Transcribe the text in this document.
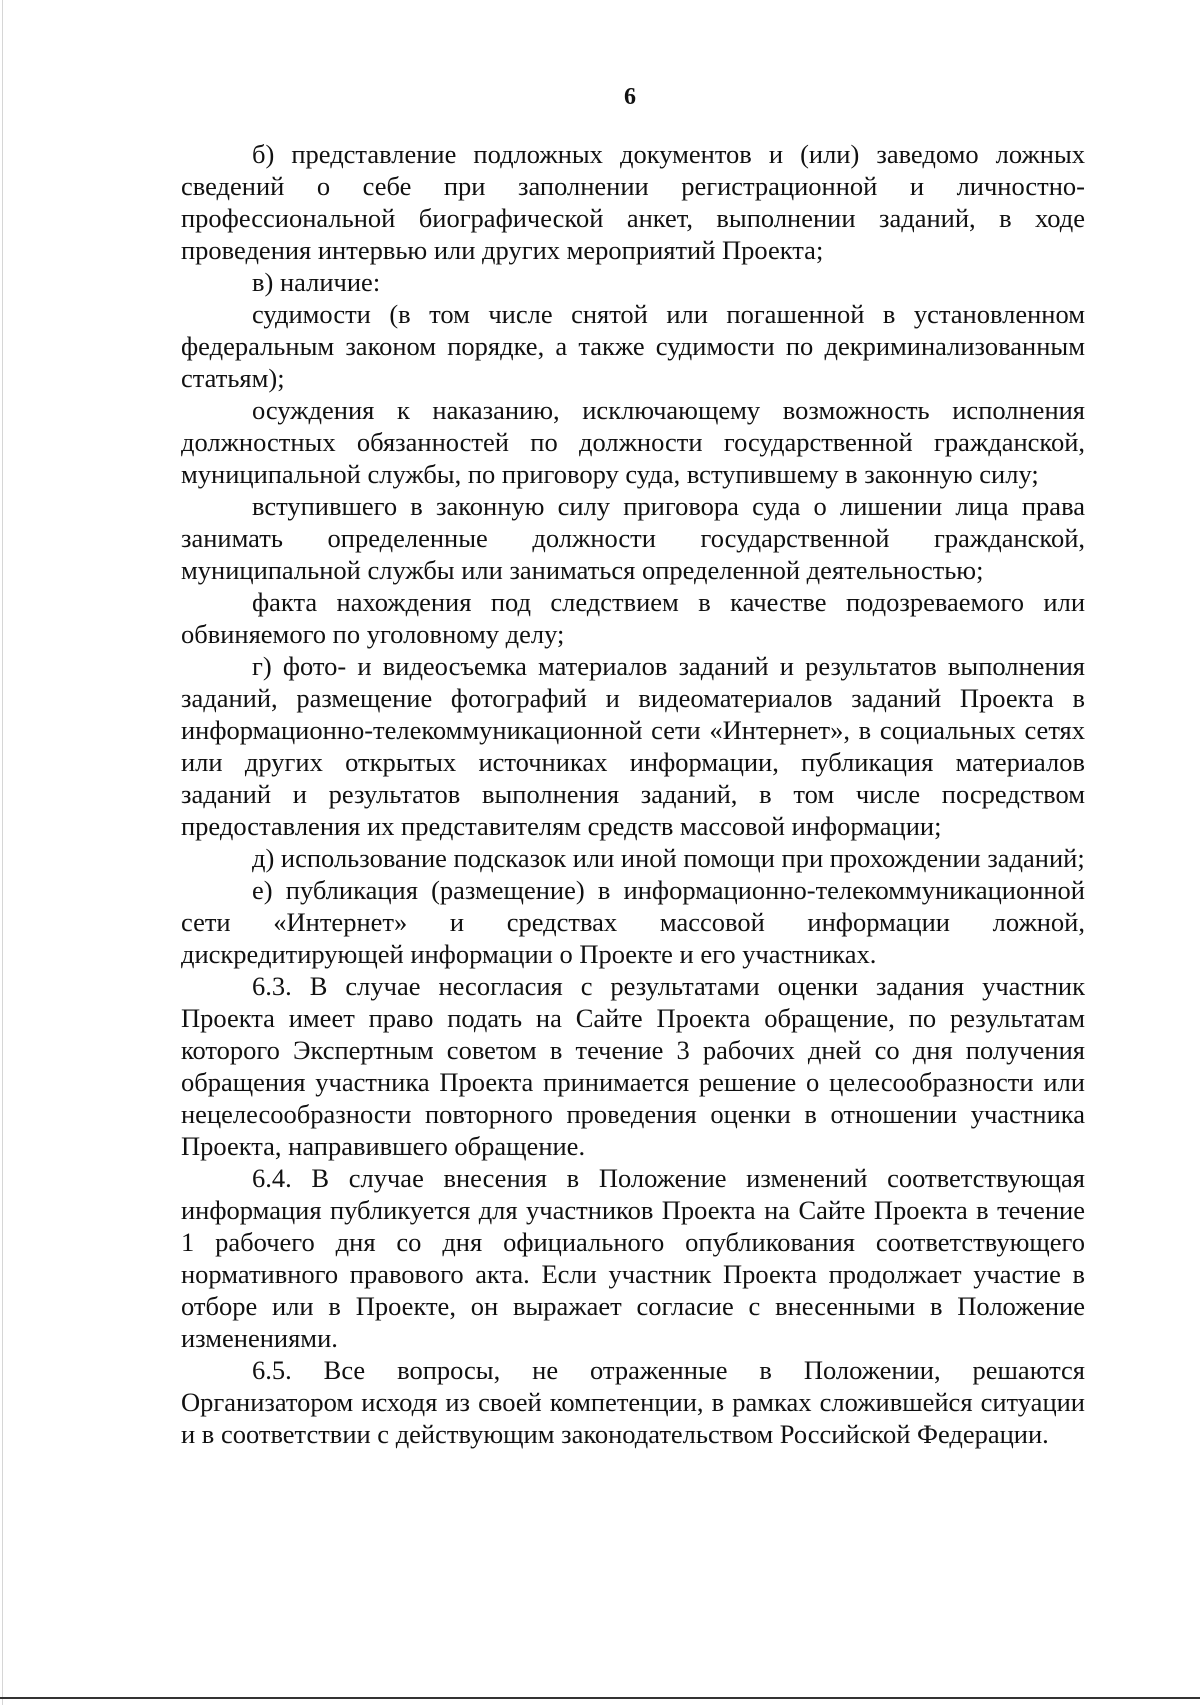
6

б) представление подложных документов и (или) заведомо ложных сведений о себе при заполнении регистрационной и личностно-профессиональной биографической анкет, выполнении заданий, в ходе проведения интервью или других мероприятий Проекта;

в) наличие:

судимости (в том числе снятой или погашенной в установленном федеральным законом порядке, а также судимости по декриминализованным статьям);

осуждения к наказанию, исключающему возможность исполнения должностных обязанностей по должности государственной гражданской, муниципальной службы, по приговору суда, вступившему в законную силу;

вступившего в законную силу приговора суда о лишении лица права занимать определенные должности государственной гражданской, муниципальной службы или заниматься определенной деятельностью;

факта нахождения под следствием в качестве подозреваемого или обвиняемого по уголовному делу;

г) фото- и видеосъемка материалов заданий и результатов выполнения заданий, размещение фотографий и видеоматериалов заданий Проекта в информационно-телекоммуникационной сети «Интернет», в социальных сетях или других открытых источниках информации, публикация материалов заданий и результатов выполнения заданий, в том числе посредством предоставления их представителям средств массовой информации;

д) использование подсказок или иной помощи при прохождении заданий;

е) публикация (размещение) в информационно-телекоммуникационной сети «Интернет» и средствах массовой информации ложной, дискредитирующей информации о Проекте и его участниках.

6.3. В случае несогласия с результатами оценки задания участник Проекта имеет право подать на Сайте Проекта обращение, по результатам которого Экспертным советом в течение 3 рабочих дней со дня получения обращения участника Проекта принимается решение о целесообразности или нецелесообразности повторного проведения оценки в отношении участника Проекта, направившего обращение.

6.4. В случае внесения в Положение изменений соответствующая информация публикуется для участников Проекта на Сайте Проекта в течение 1 рабочего дня со дня официального опубликования соответствующего нормативного правового акта. Если участник Проекта продолжает участие в отборе или в Проекте, он выражает согласие с внесенными в Положение изменениями.

6.5. Все вопросы, не отраженные в Положении, решаются Организатором исходя из своей компетенции, в рамках сложившейся ситуации и в соответствии с действующим законодательством Российской Федерации.
